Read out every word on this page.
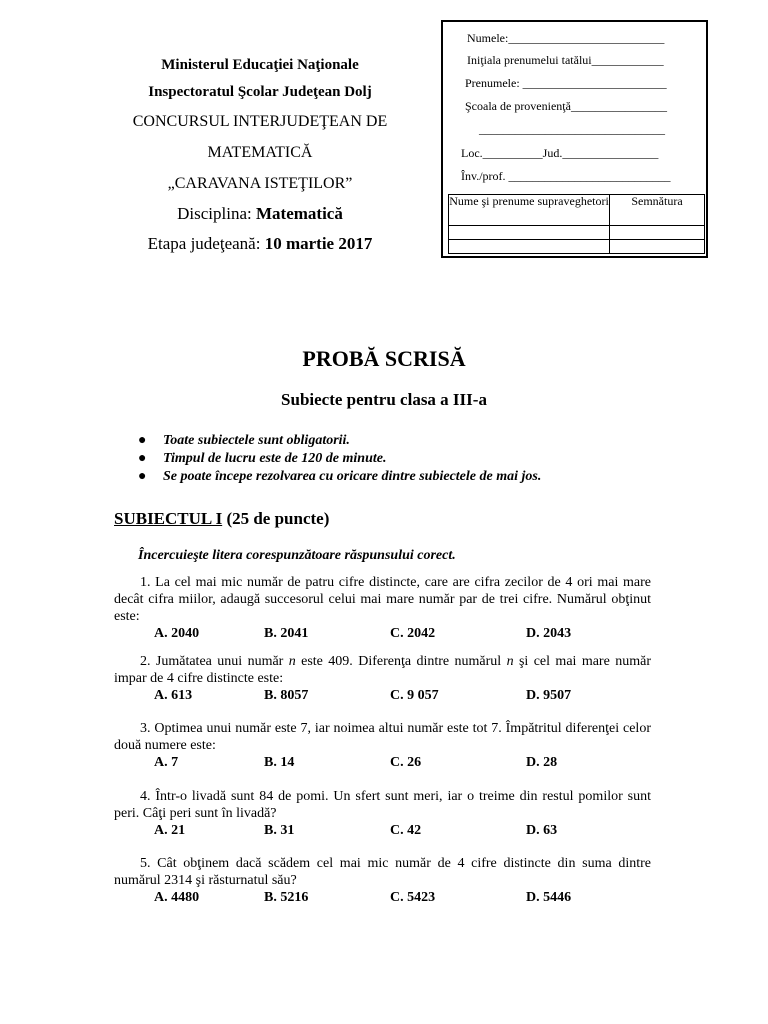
Ministerul Educaţiei Naţionale
Inspectoratul Şcolar Judeţean Dolj
CONCURSUL INTERJUDEŢEAN DE
MATEMATICĂ
„CARAVANA ISTEŢILOR”
Disciplina: Matematică
Etapa judeţeană: 10 martie 2017
Numele:__________________________
Iniţiala prenumelui tatălui____________
Prenumele: ________________________
Şcoala de provenienţă________________
_______________________________
Loc.__________Jud.________________
Înv./prof. ___________________________
Nume şi prenume supraveghetori	Semnătura

PROBĂ SCRISĂ
Subiecte pentru clasa a III-a
● Toate subiectele sunt obligatorii.
● Timpul de lucru este de 120 de minute.
● Se poate începe rezolvarea cu oricare dintre subiectele de mai jos.
SUBIECTUL I (25 de puncte)
Încercuieşte litera corespunzătoare răspunsului corect.
1. La cel mai mic număr de patru cifre distincte, care are cifra zecilor de 4 ori mai mare decât cifra miilor, adaugă succesorul celui mai mare număr par de trei cifre. Numărul obţinut este:
A. 2040	B. 2041	C. 2042	D. 2043
2. Jumătatea unui număr n este 409. Diferenţa dintre numărul n şi cel mai mare număr impar de 4 cifre distincte este:
A. 613	B. 8057	C. 9 057	D. 9507
3. Optimea unui număr este 7, iar noimea altui număr este tot 7. Împătritul diferenţei celor două numere este:
A. 7	B. 14	C. 26	D. 28
4. Într-o livadă sunt 84 de pomi. Un sfert sunt meri, iar o treime din restul pomilor sunt peri. Câţi peri sunt în livadă?
A. 21	B. 31	C. 42	D. 63
5. Cât obţinem dacă scădem cel mai mic număr de 4 cifre distincte din suma dintre numărul 2314 şi răsturnatul său?
A. 4480	B. 5216	C. 5423	D. 5446
